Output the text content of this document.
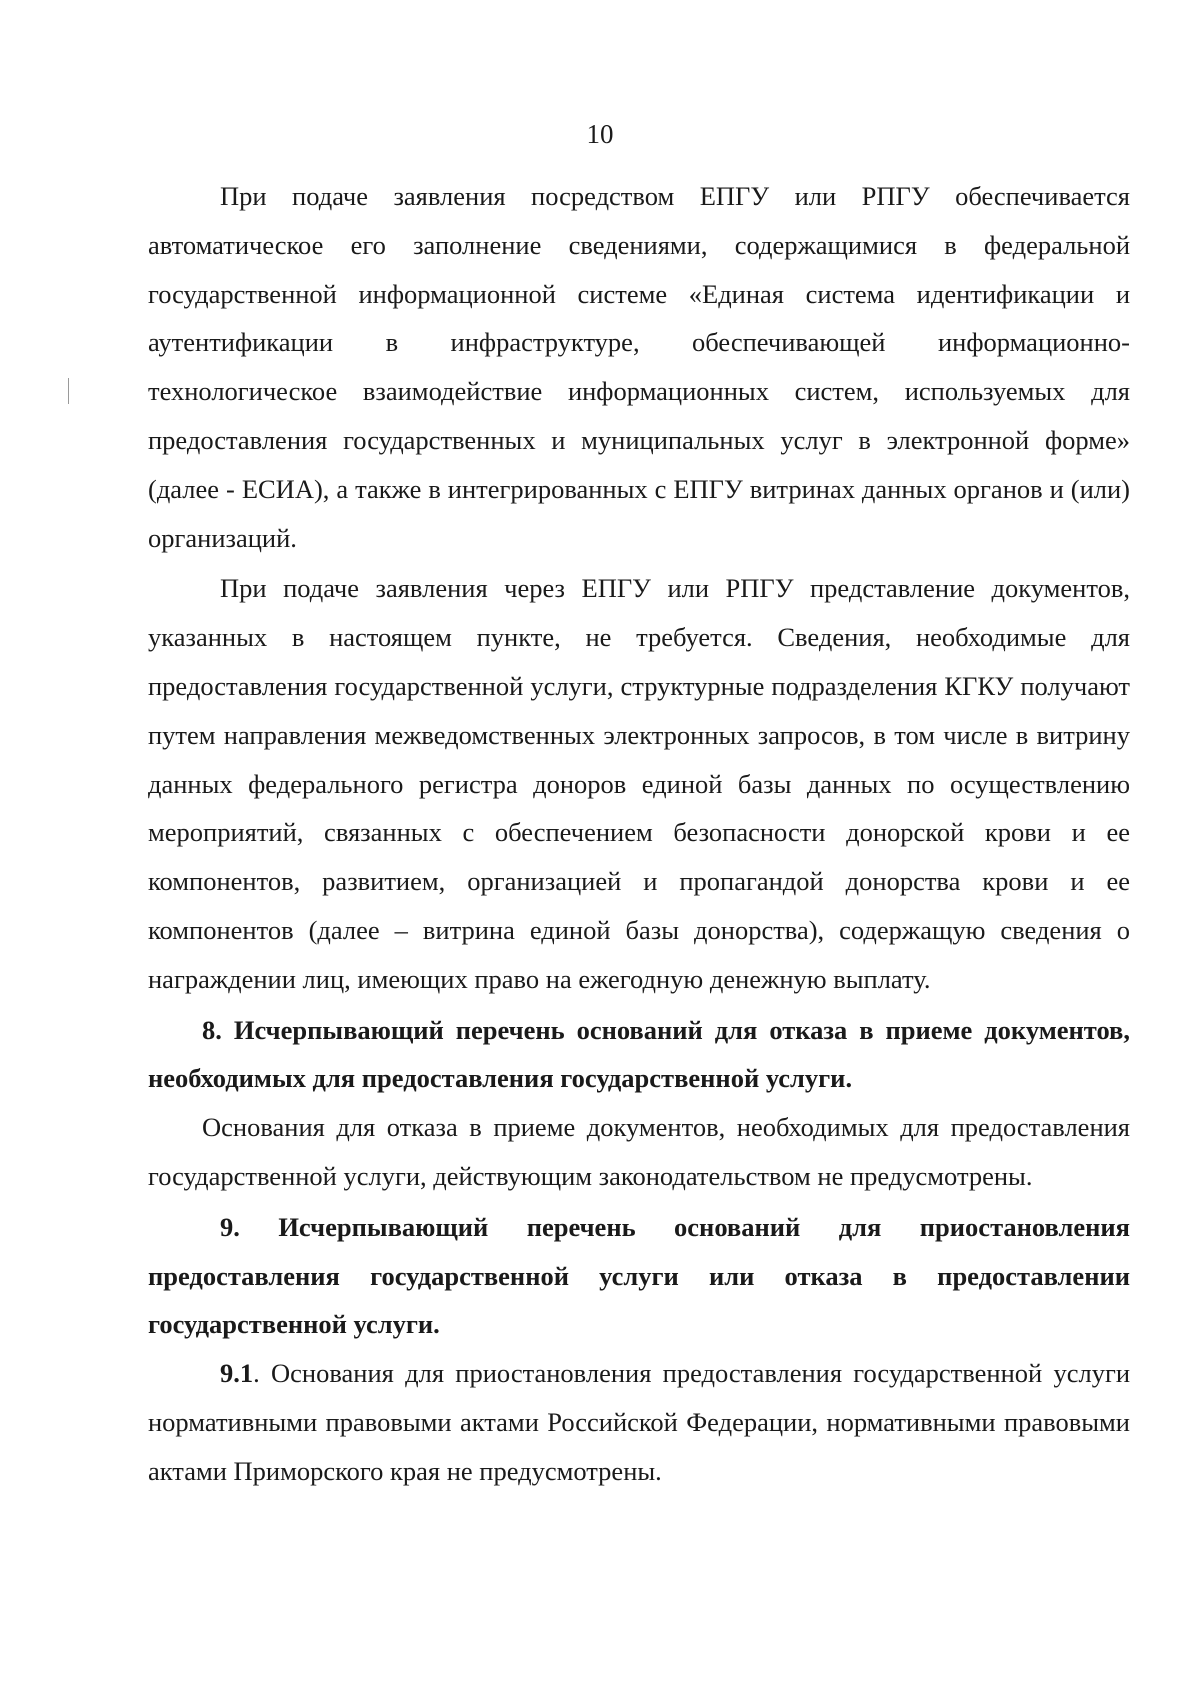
10

При подаче заявления посредством ЕПГУ или РПГУ обеспечивается автоматическое его заполнение сведениями, содержащимися в федеральной государственной информационной системе «Единая система идентификации и аутентификации в инфраструктуре, обеспечивающей информационно-технологическое взаимодействие информационных систем, используемых для предоставления государственных и муниципальных услуг в электронной форме» (далее - ЕСИА), а также в интегрированных с ЕПГУ витринах данных органов и (или) организаций.

При подаче заявления через ЕПГУ или РПГУ представление документов, указанных в настоящем пункте, не требуется. Сведения, необходимые для предоставления государственной услуги, структурные подразделения КГКУ получают путем направления межведомственных электронных запросов, в том числе в витрину данных федерального регистра доноров единой базы данных по осуществлению мероприятий, связанных с обеспечением безопасности донорской крови и ее компонентов, развитием, организацией и пропагандой донорства крови и ее компонентов (далее – витрина единой базы донорства), содержащую сведения о награждении лиц, имеющих право на ежегодную денежную выплату.

8. Исчерпывающий перечень оснований для отказа в приеме документов, необходимых для предоставления государственной услуги.

Основания для отказа в приеме документов, необходимых для предоставления государственной услуги, действующим законодательством не предусмотрены.

9. Исчерпывающий перечень оснований для приостановления предоставления государственной услуги или отказа в предоставлении государственной услуги.

9.1. Основания для приостановления предоставления государственной услуги нормативными правовыми актами Российской Федерации, нормативными правовыми актами Приморского края не предусмотрены.
